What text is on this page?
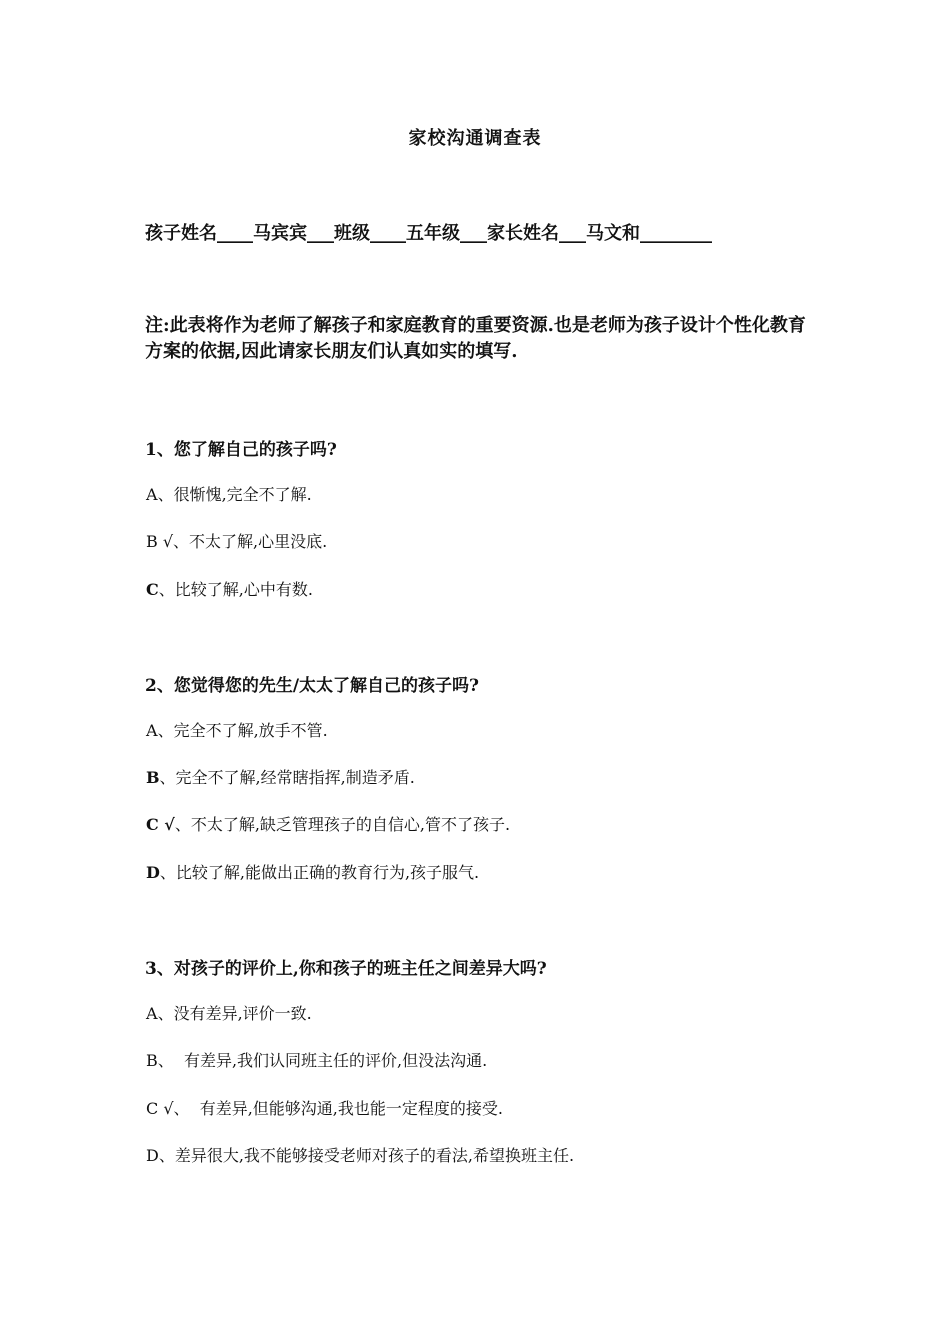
家校沟通调查表
孩子姓名____马宾宾___班级____五年级___家长姓名___马文和________
注:此表将作为老师了解孩子和家庭教育的重要资源.也是老师为孩子设计个性化教育方案的依据,因此请家长朋友们认真如实的填写.
1、您了解自己的孩子吗?
A、很惭愧,完全不了解.
B √、不太了解,心里没底.
C、比较了解,心中有数.
2、您觉得您的先生/太太了解自己的孩子吗?
A、完全不了解,放手不管.
B、完全不了解,经常瞎指挥,制造矛盾.
C √、不太了解,缺乏管理孩子的自信心,管不了孩子.
D、比较了解,能做出正确的教育行为,孩子服气.
3、对孩子的评价上,你和孩子的班主任之间差异大吗?
A、没有差异,评价一致.
B、  有差异,我们认同班主任的评价,但没法沟通.
C √、  有差异,但能够沟通,我也能一定程度的接受.
D、差异很大,我不能够接受老师对孩子的看法,希望换班主任.
